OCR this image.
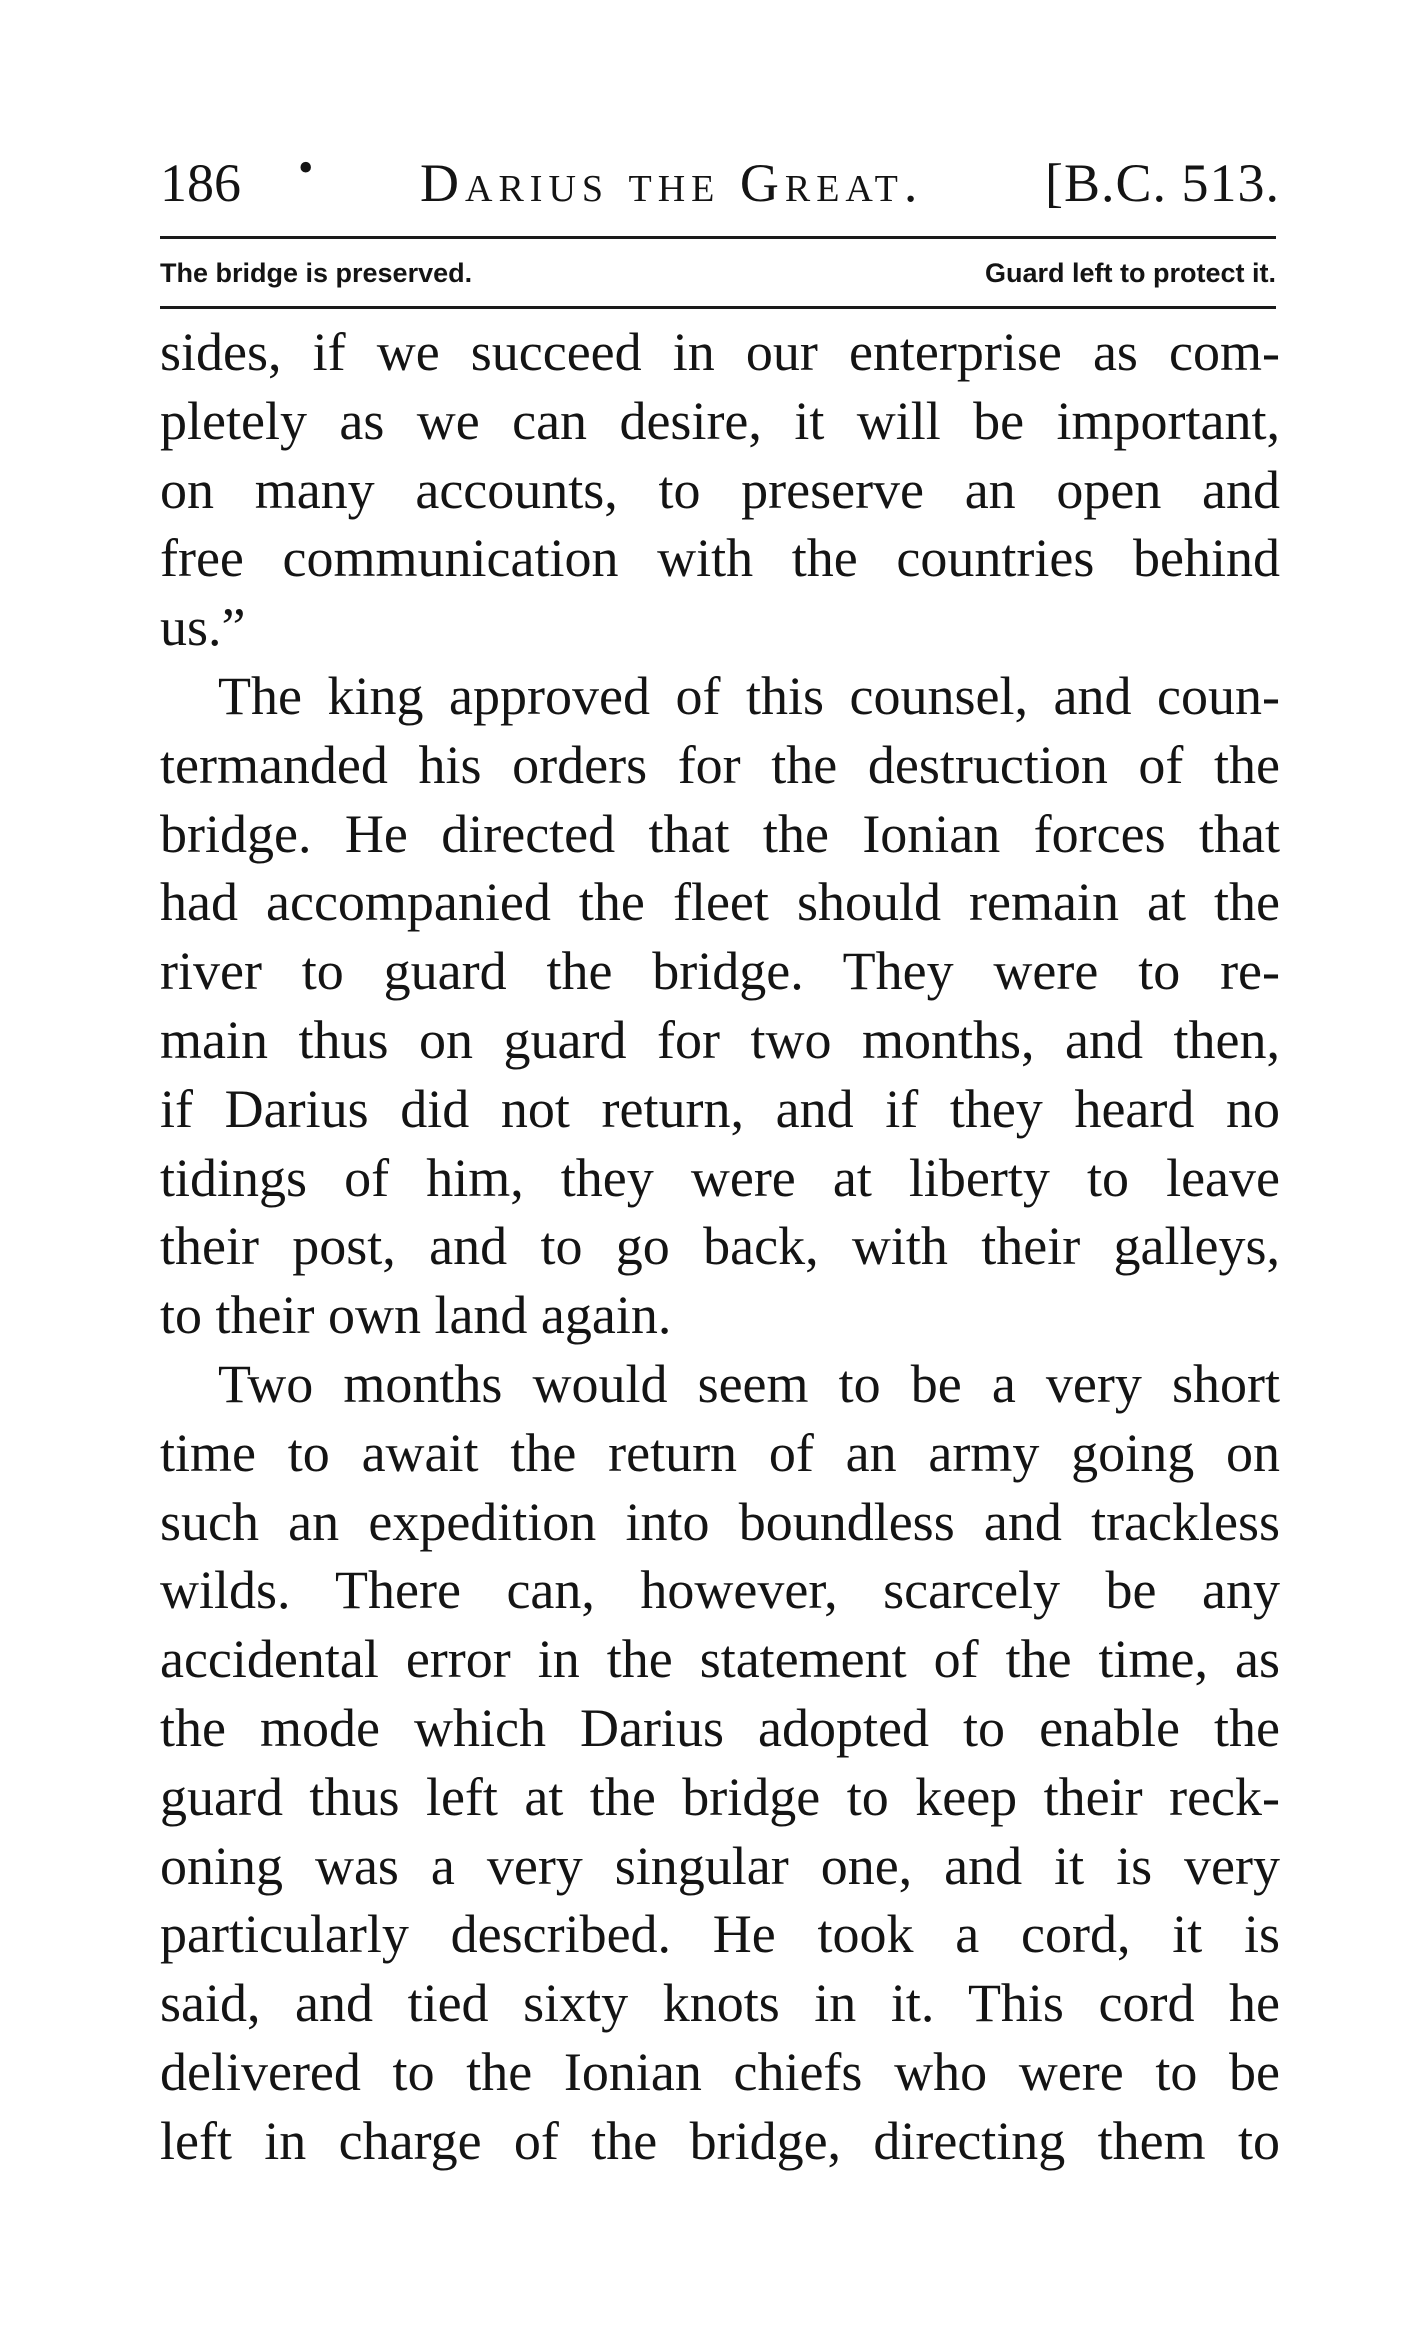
186 • Darius the Great. [B.C. 513.
The bridge is preserved.	Guard left to protect it.
sides, if we succeed in our enterprise as com-
pletely as we can desire, it will be important,
on many accounts, to preserve an open and
free communication with the countries behind
us.”
The king approved of this counsel, and coun-
termanded his orders for the destruction of the
bridge. He directed that the Ionian forces that
had accompanied the fleet should remain at the
river to guard the bridge. They were to re-
main thus on guard for two months, and then,
if Darius did not return, and if they heard no
tidings of him, they were at liberty to leave
their post, and to go back, with their galleys,
to their own land again.
Two months would seem to be a very short
time to await the return of an army going on
such an expedition into boundless and trackless
wilds. There can, however, scarcely be any
accidental error in the statement of the time, as
the mode which Darius adopted to enable the
guard thus left at the bridge to keep their reck-
oning was a very singular one, and it is very
particularly described. He took a cord, it is
said, and tied sixty knots in it. This cord he
delivered to the Ionian chiefs who were to be
left in charge of the bridge, directing them to
